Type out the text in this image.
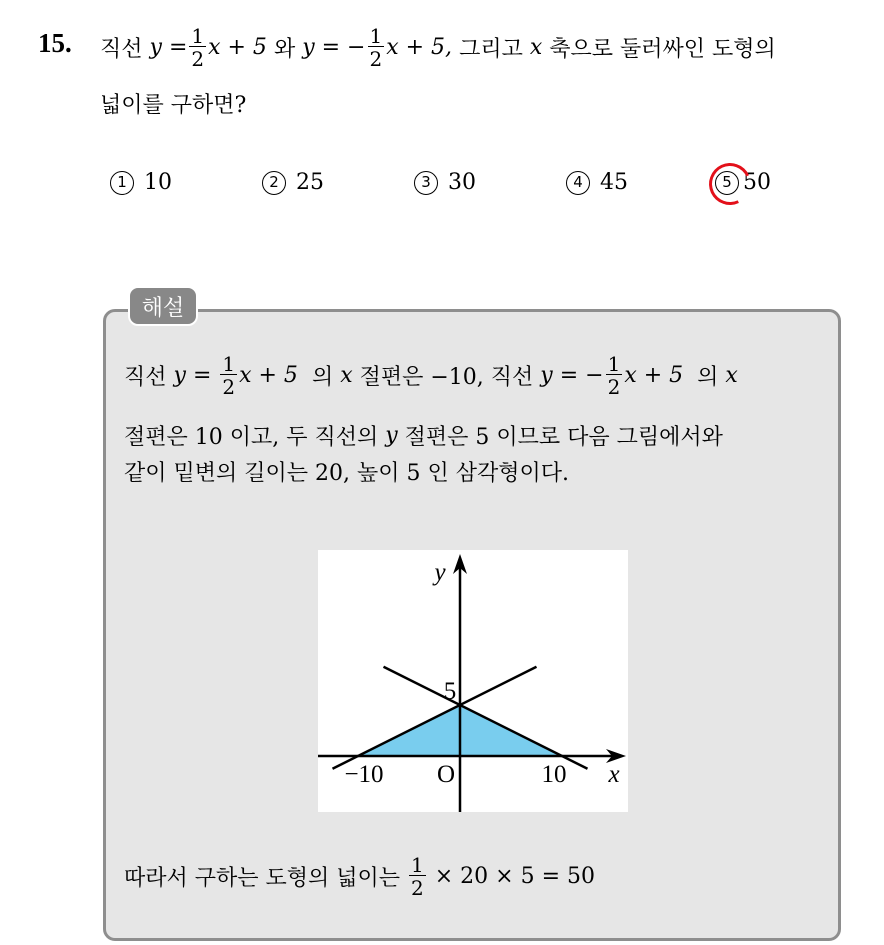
15. 직선 $y = \frac{1}{2}$ x + 5 와 y = − $\frac{1}{2}$ x + 5, 그리고 x 축으로 둘러싸인 도형의
넓이를 구하면?
1 10	2 25	3 30	4 45	5 50
해설
직선 $y = \frac{1}{2}$ x + 5 의 x 절편은 −10, 직선 y = − $\frac{1}{2}$ x + 5 의 x
절편은 10 이고, 두 직선의 y 절편은 5 이므로 다음 그림에서와
같이 밑변의 길이는 20, 높이 5 인 삼각형이다.
y
x
O
−10	10
5
따라서 구하는 도형의 넓이는 $\frac{1}{2} \times 20 \times 5 = 50$
